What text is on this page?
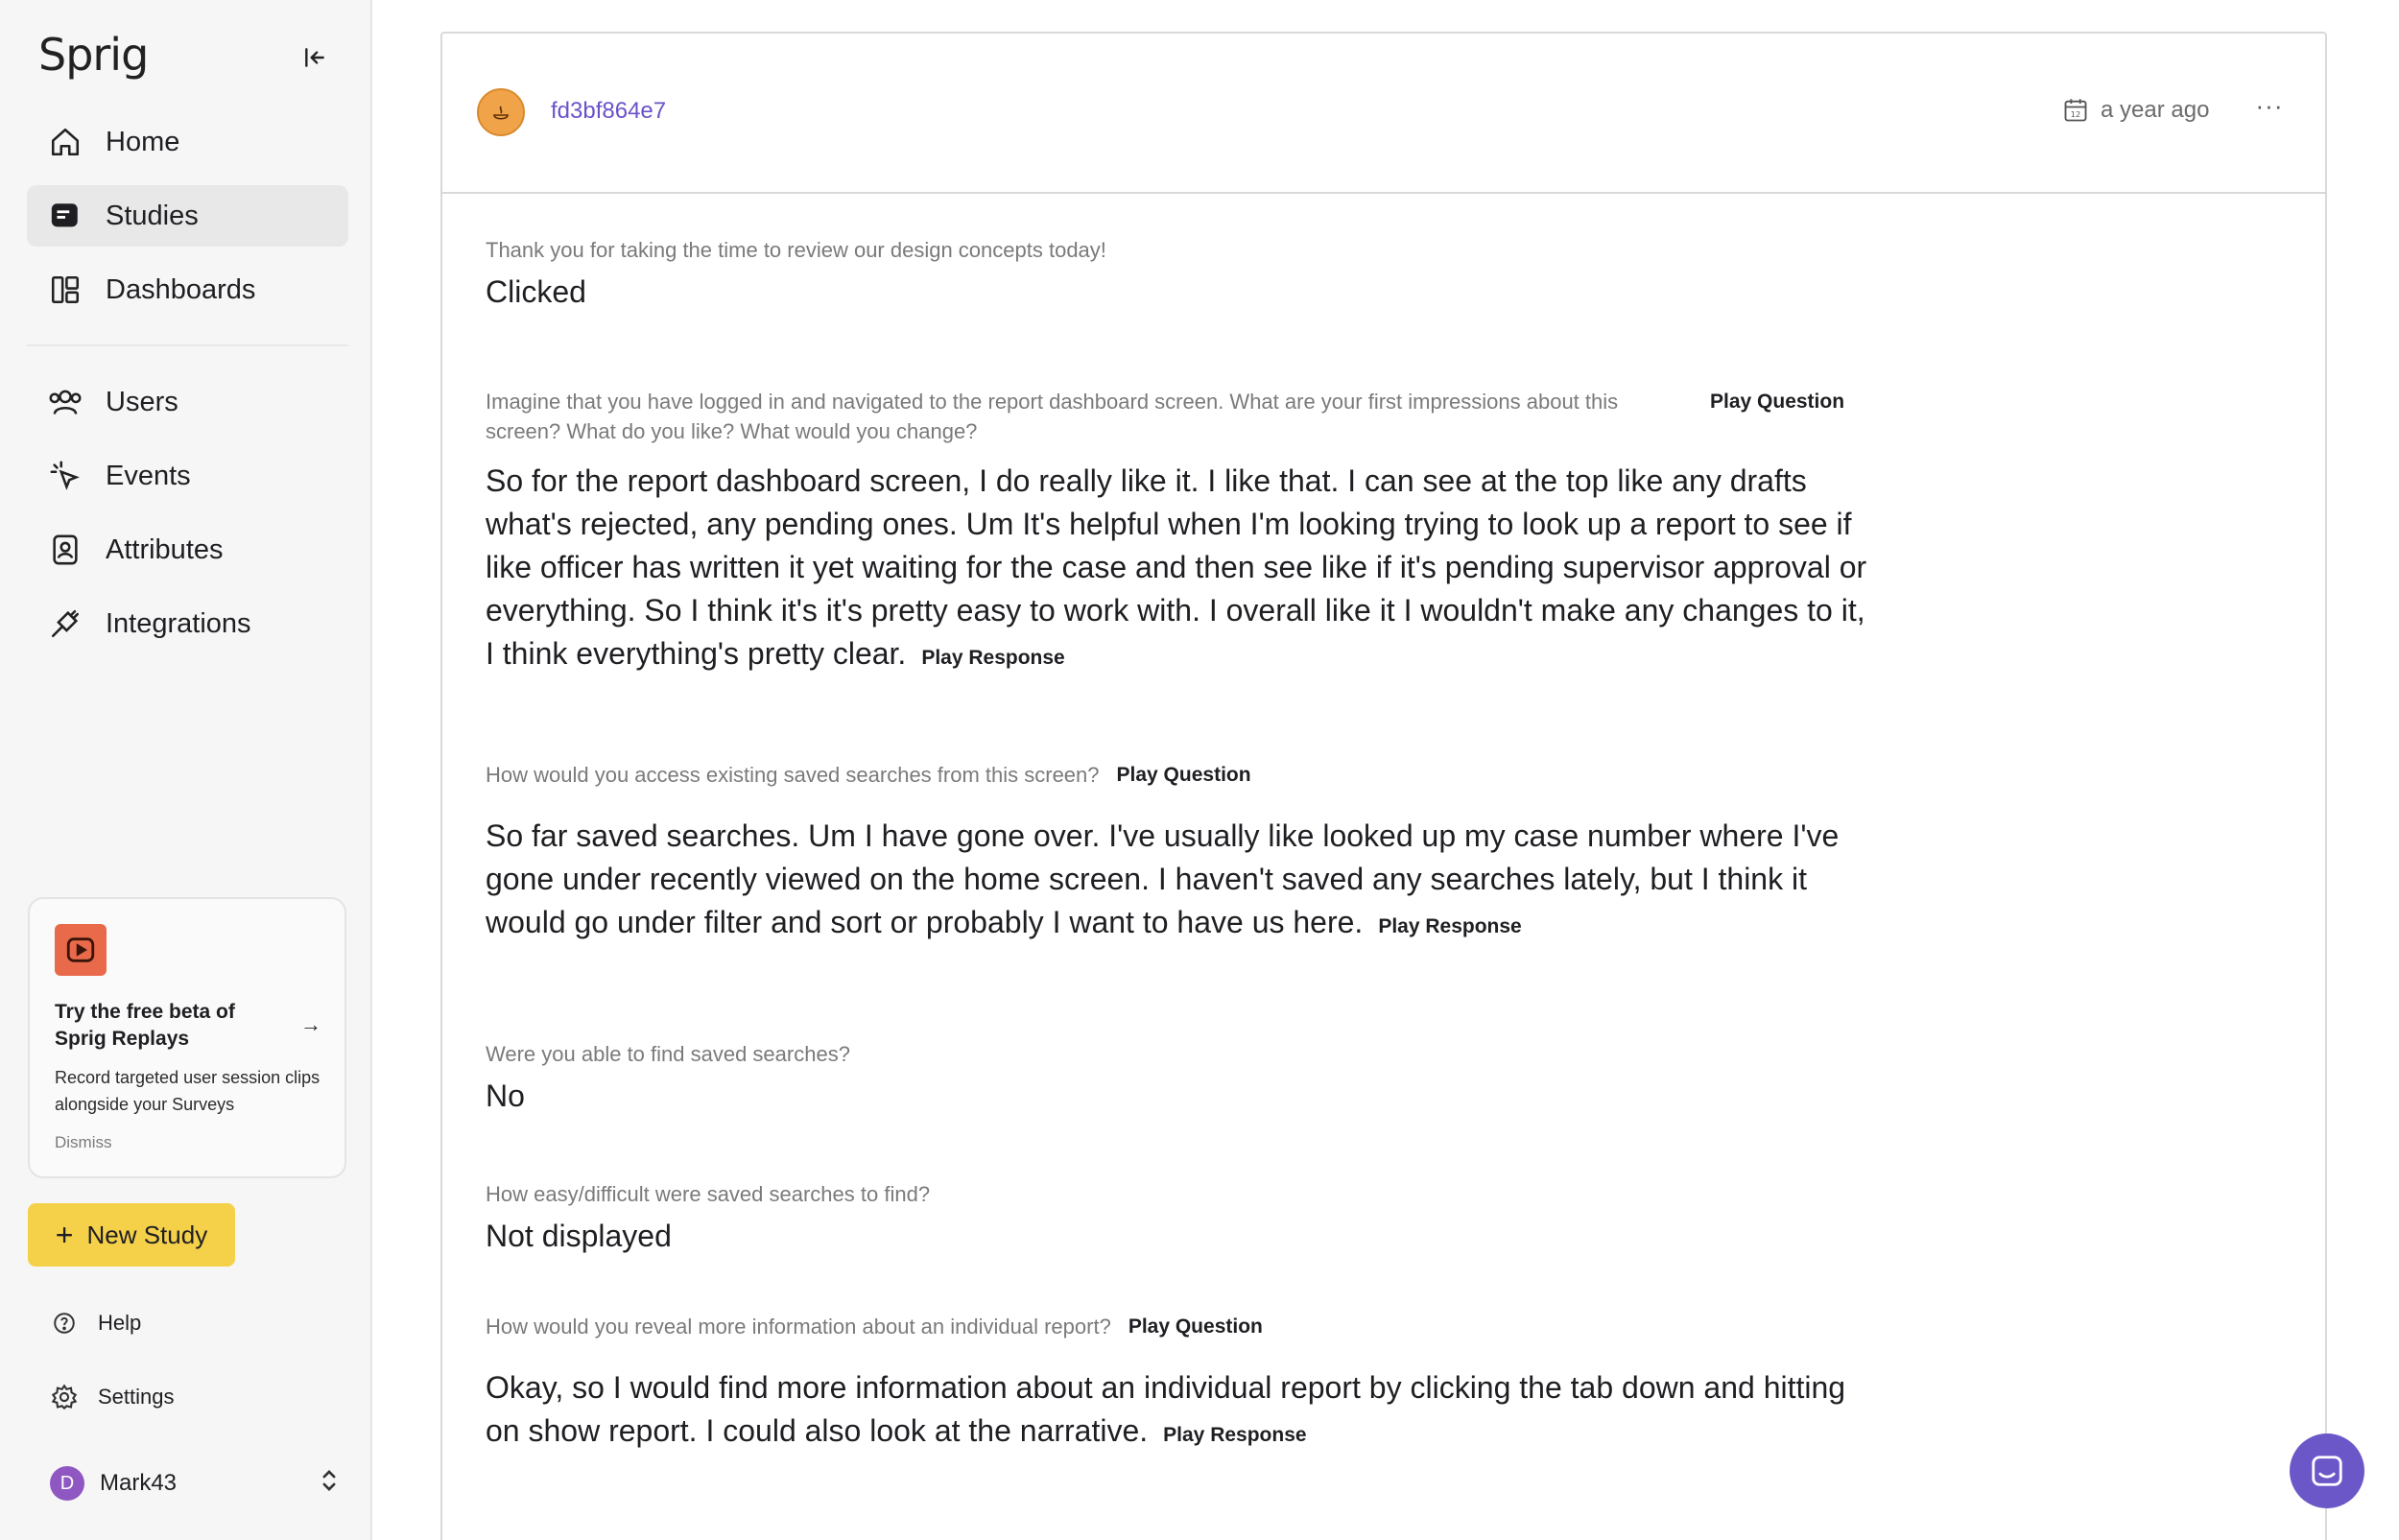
Sprig
Home
Studies
Dashboards
Users
Events
Attributes
Integrations
Try the free beta of Sprig Replays
→
Record targeted user session clips alongside your Surveys
Dismiss
+ New Study
Help
Settings
D	Mark43
fd3bf864e7	12 a year ago ···
Thank you for taking the time to review our design concepts today!
Clicked
Imagine that you have logged in and navigated to the report dashboard screen. What are your first impressions about this screen? What do you like? What would you change?
Play Question
So for the report dashboard screen, I do really like it. I like that. I can see at the top like any drafts what's rejected, any pending ones. Um It's helpful when I'm looking trying to look up a report to see if like officer has written it yet waiting for the case and then see like if it's pending supervisor approval or everything. So I think it's it's pretty easy to work with. I overall like it I wouldn't make any changes to it, I think everything's pretty clear. Play Response
How would you access existing saved searches from this screen? Play Question
So far saved searches. Um I have gone over. I've usually like looked up my case number where I've gone under recently viewed on the home screen. I haven't saved any searches lately, but I think it would go under filter and sort or probably I want to have us here. Play Response
Were you able to find saved searches?
No
How easy/difficult were saved searches to find?
Not displayed
How would you reveal more information about an individual report? Play Question
Okay, so I would find more information about an individual report by clicking the tab down and hitting on show report. I could also look at the narrative. Play Response
